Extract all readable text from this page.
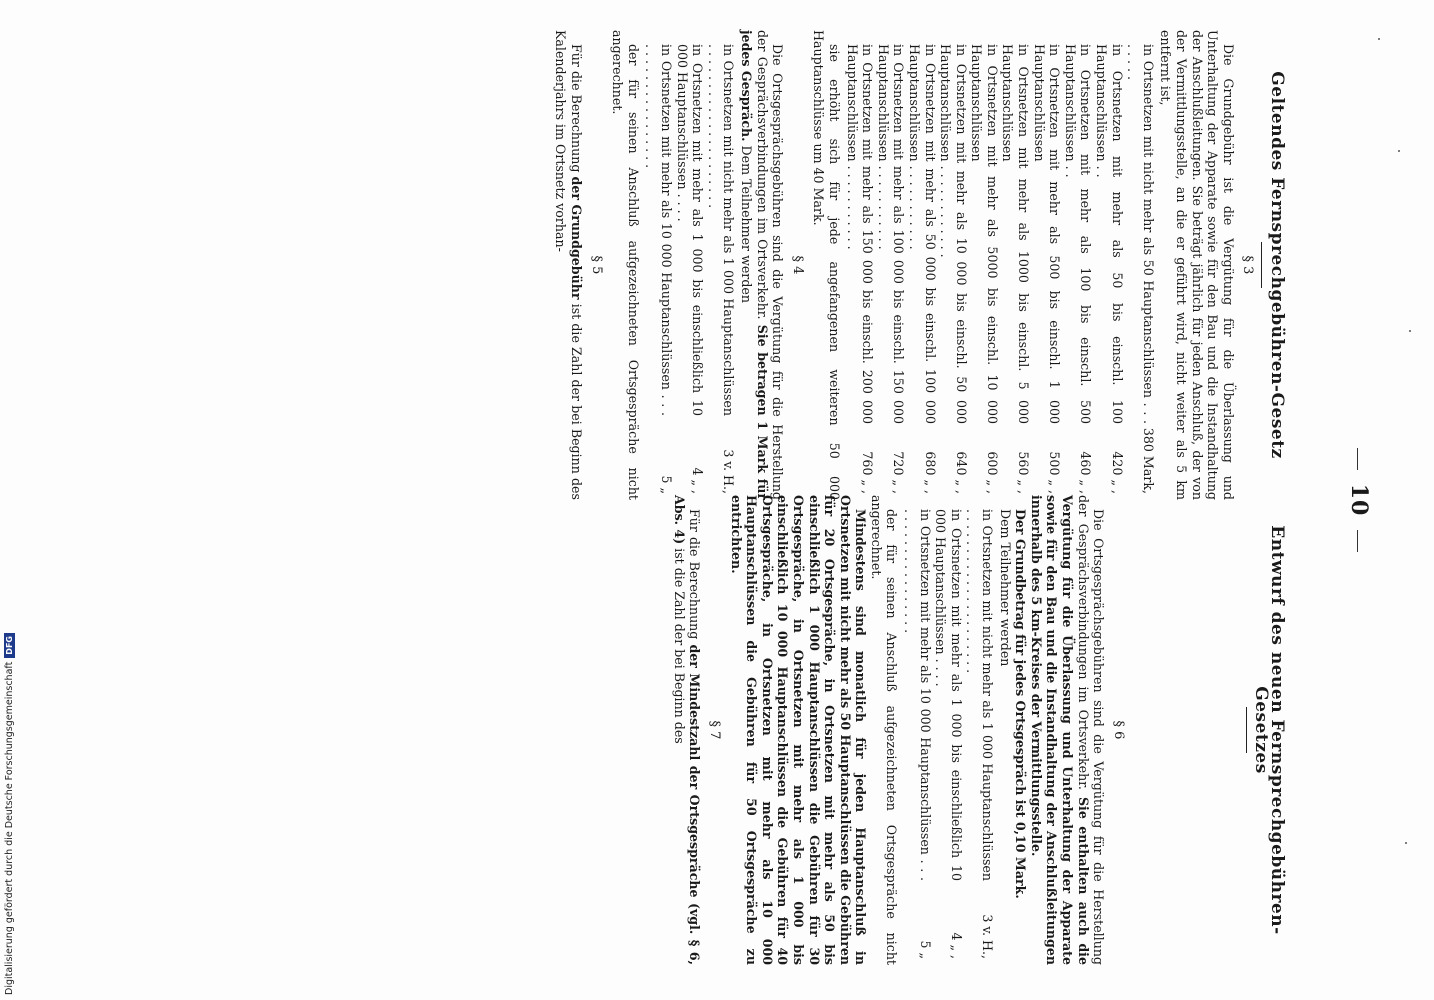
10
Geltendes Fernsprechgebühren-Gesetz
§ 3

Die Grundgebühr ist die Vergütung für die Überlassung und Unterhaltung der Apparate sowie für den Bau und die Instandhaltung der Anschlußleitungen. Sie beträgt jährlich für jeden Anschluß, der von der Vermittlungsstelle, an die er geführt wird, nicht weiter als 5 km entfernt ist,

in Ortsnetzen mit nicht mehr als 50 Hauptanschlüssen . . . . . . . .
380 Mark,
in Ortsnetzen mit mehr als 50 bis einschl. 100 Hauptanschlüssen . .
420 „ ,
in Ortsnetzen mit mehr als 100 bis einschl. 500 Hauptanschlüssen . .
460 „ ,
in Ortsnetzen mit mehr als 500 bis einschl. 1 000 Hauptanschlüssen
500 „ ,
in Ortsnetzen mit mehr als 1000 bis einschl. 5 000 Hauptanschlüssen
560 „ ,
in Ortsnetzen mit mehr als 5000 bis einschl. 10 000 Hauptanschlüssen
600 „ ,
in Ortsnetzen mit mehr als 10 000 bis einschl. 50 000 Hauptanschlüssen . . . . . . . . . . . .
640 „ ,
in Ortsnetzen mit mehr als 50 000 bis einschl. 100 000 Hauptanschlüssen . . . . . . . . . . .
680 „ ,
in Ortsnetzen mit mehr als 100 000 bis einschl. 150 000 Hauptanschlüssen . . . . . . . . . . .
720 „ ,
in Ortsnetzen mit mehr als 150 000 bis einschl. 200 000 Hauptanschlüssen . . . . . . . . . . .
760 „ ,

sie erhöht sich für jede angefangenen weiteren 50 000 Hauptanschlüsse um 40 Mark.

§ 4

Die Ortsgesprächsgebühren sind die Vergütung für die Herstellung der Gesprächsverbindungen im Ortsverkehr. Sie betragen 1 Mark für jedes Gespräch. Dem Teilnehmer werden

in Ortsnetzen mit nicht mehr als 1 000 Hauptanschlüssen . . . . . . . . . . . . . . . . . . . . .
3 v. H.,
in Ortsnetzen mit mehr als 1 000 bis einschließlich 10 000 Hauptanschlüssen . . . .
4 „ ,
in Ortsnetzen mit mehr als 10 000 Hauptanschlüssen . . . . . . . . . . . . . . . . . . .
5 „

der für seinen Anschluß aufgezeichneten Ortsgespräche nicht angerechnet.

§ 5

Für die Berechnung der Grundgebühr ist die Zahl der bei Beginn des Kalenderjahrs im Ortsnetz vorhan-

Entwurf des neuen Fernsprechgebühren-Gesetzes
§ 6

Die Ortsgesprächsgebühren sind die Vergütung für die Herstellung der Gesprächsverbindungen im Ortsverkehr. Sie enthalten auch die Vergütung für die Überlassung und Unterhaltung der Apparate sowie für den Bau und die Instandhaltung der Anschlußleitungen innerhalb des 5 km-Kreises der Vermittlungsstelle.

Der Grundbetrag für jedes Ortsgespräch ist 0,10 Mark.

Dem Teilnehmer werden

in Ortsnetzen mit nicht mehr als 1 000 Hauptanschlüssen . . . . . . . . . . . . . . . . . . . . .
3 v. H.,
in Ortsnetzen mit mehr als 1 000 bis einschließlich 10 000 Hauptanschlüssen . . . .
4 „ ,
in Ortsnetzen mit mehr als 10 000 Hauptanschlüssen . . . . . . . . . . . . . . . . . . .
5 „

der für seinen Anschluß aufgezeichneten Ortsgespräche nicht angerechnet.

Mindestens sind monatlich für jeden Hauptanschluß in Ortsnetzen mit nicht mehr als 50 Hauptanschlüssen die Gebühren für 20 Ortsgespräche, in Ortsnetzen mit mehr als 50 bis einschließlich 1 000 Hauptanschlüssen die Gebühren für 30 Ortsgespräche, in Ortsnetzen mit mehr als 1 000 bis einschließlich 10 000 Hauptanschlüssen die Gebühren für 40 Ortsgespräche, in Ortsnetzen mit mehr als 10 000 Hauptanschlüssen die Gebühren für 50 Ortsgespräche zu entrichten.

§ 7

Für die Berechnung der Mindestzahl der Ortsgespräche (vgl. § 6, Abs. 4) ist die Zahl der bei Beginn des

Digitalisierung gefördert durch die Deutsche Forschungsgemeinschaft
DFG
